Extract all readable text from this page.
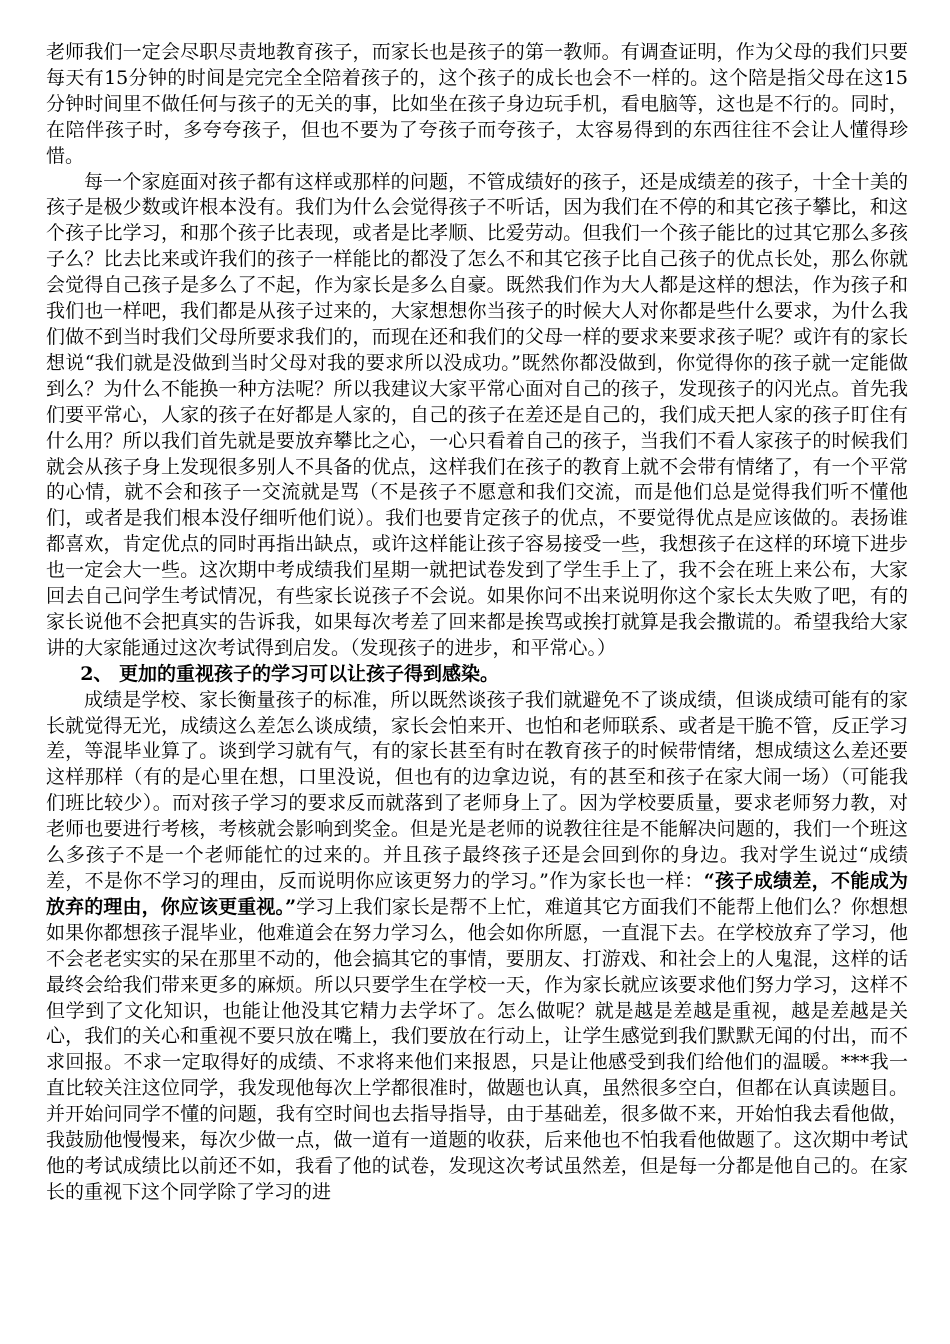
老师我们一定会尽职尽责地教育孩子，而家长也是孩子的第一教师。有调查证明，作为父母的我们只要每天有15分钟的时间是完完全全陪着孩子的，这个孩子的成长也会不一样的。这个陪是指父母在这15分钟时间里不做任何与孩子的无关的事，比如坐在孩子身边玩手机，看电脑等，这也是不行的。同时，在陪伴孩子时，多夸夸孩子，但也不要为了夸孩子而夸孩子，太容易得到的东西往往不会让人懂得珍惜。

每一个家庭面对孩子都有这样或那样的问题，不管成绩好的孩子，还是成绩差的孩子，十全十美的孩子是极少数或许根本没有。我们为什么会觉得孩子不听话，因为我们在不停的和其它孩子攀比，和这个孩子比学习，和那个孩子比表现，或者是比孝顺、比爱劳动。但我们一个孩子能比的过其它那么多孩子么？比去比来或许我们的孩子一样能比的都没了怎么不和其它孩子比自己孩子的优点长处，那么你就会觉得自己孩子是多么了不起，作为家长是多么自豪。既然我们作为大人都是这样的想法，作为孩子和我们也一样吧，我们都是从孩子过来的，大家想想你当孩子的时候大人对你都是些什么要求，为什么我们做不到当时我们父母所要求我们的，而现在还和我们的父母一样的要求来要求孩子呢？或许有的家长想说“我们就是没做到当时父母对我的要求所以没成功。”既然你都没做到，你觉得你的孩子就一定能做到么？为什么不能换一种方法呢？所以我建议大家平常心面对自己的孩子，发现孩子的闪光点。首先我们要平常心，人家的孩子在好都是人家的，自己的孩子在差还是自己的，我们成天把人家的孩子盯住有什么用？所以我们首先就是要放弃攀比之心，一心只看着自己的孩子，当我们不看人家孩子的时候我们就会从孩子身上发现很多别人不具备的优点，这样我们在孩子的教育上就不会带有情绪了，有一个平常的心情，就不会和孩子一交流就是骂（不是孩子不愿意和我们交流，而是他们总是觉得我们听不懂他们，或者是我们根本没仔细听他们说）。我们也要肯定孩子的优点，不要觉得优点是应该做的。表扬谁都喜欢，肯定优点的同时再指出缺点，或许这样能让孩子容易接受一些，我想孩子在这样的环境下进步也一定会大一些。这次期中考成绩我们星期一就把试卷发到了学生手上了，我不会在班上来公布，大家回去自己问学生考试情况，有些家长说孩子不会说。如果你问不出来说明你这个家长太失败了吧，有的家长说他不会把真实的告诉我，如果每次考差了回来都是挨骂或挨打就算是我会撒谎的。希望我给大家讲的大家能通过这次考试得到启发。（发现孩子的进步，和平常心。）

2、 更加的重视孩子的学习可以让孩子得到感染。

成绩是学校、家长衡量孩子的标准，所以既然谈孩子我们就避免不了谈成绩，但谈成绩可能有的家长就觉得无光，成绩这么差怎么谈成绩，家长会怕来开、也怕和老师联系、或者是干脆不管，反正学习差，等混毕业算了。谈到学习就有气，有的家长甚至有时在教育孩子的时候带情绪，想成绩这么差还要这样那样（有的是心里在想，口里没说，但也有的边拿边说，有的甚至和孩子在家大闹一场）（可能我们班比较少）。而对孩子学习的要求反而就落到了老师身上了。因为学校要质量，要求老师努力教，对老师也要进行考核，考核就会影响到奖金。但是光是老师的说教往往是不能解决问题的，我们一个班这么多孩子不是一个老师能忙的过来的。并且孩子最终孩子还是会回到你的身边。我对学生说过“成绩差，不是你不学习的理由，反而说明你应该更努力的学习。”作为家长也一样：“孩子成绩差，不能成为放弃的理由，你应该更重视。”学习上我们家长是帮不上忙，难道其它方面我们不能帮上他们么？你想想如果你都想孩子混毕业，他难道会在努力学习么，他会如你所愿，一直混下去。在学校放弃了学习，他不会老老实实的呆在那里不动的，他会搞其它的事情，要朋友、打游戏、和社会上的人鬼混，这样的话最终会给我们带来更多的麻烦。所以只要学生在学校一天，作为家长就应该要求他们努力学习，这样不但学到了文化知识，也能让他没其它精力去学坏了。怎么做呢？就是越是差越是重视，越是差越是关心，我们的关心和重视不要只放在嘴上，我们要放在行动上，让学生感觉到我们默默无闻的付出，而不求回报。不求一定取得好的成绩、不求将来他们来报恩，只是让他感受到我们给他们的温暖。***我一直比较关注这位同学，我发现他每次上学都很准时，做题也认真，虽然很多空白，但都在认真读题目。并开始问同学不懂的问题，我有空时间也去指导指导，由于基础差，很多做不来，开始怕我去看他做，我鼓励他慢慢来，每次少做一点，做一道有一道题的收获，后来他也不怕我看他做题了。这次期中考试他的考试成绩比以前还不如，我看了他的试卷，发现这次考试虽然差，但是每一分都是他自己的。在家长的重视下这个同学除了学习的进
